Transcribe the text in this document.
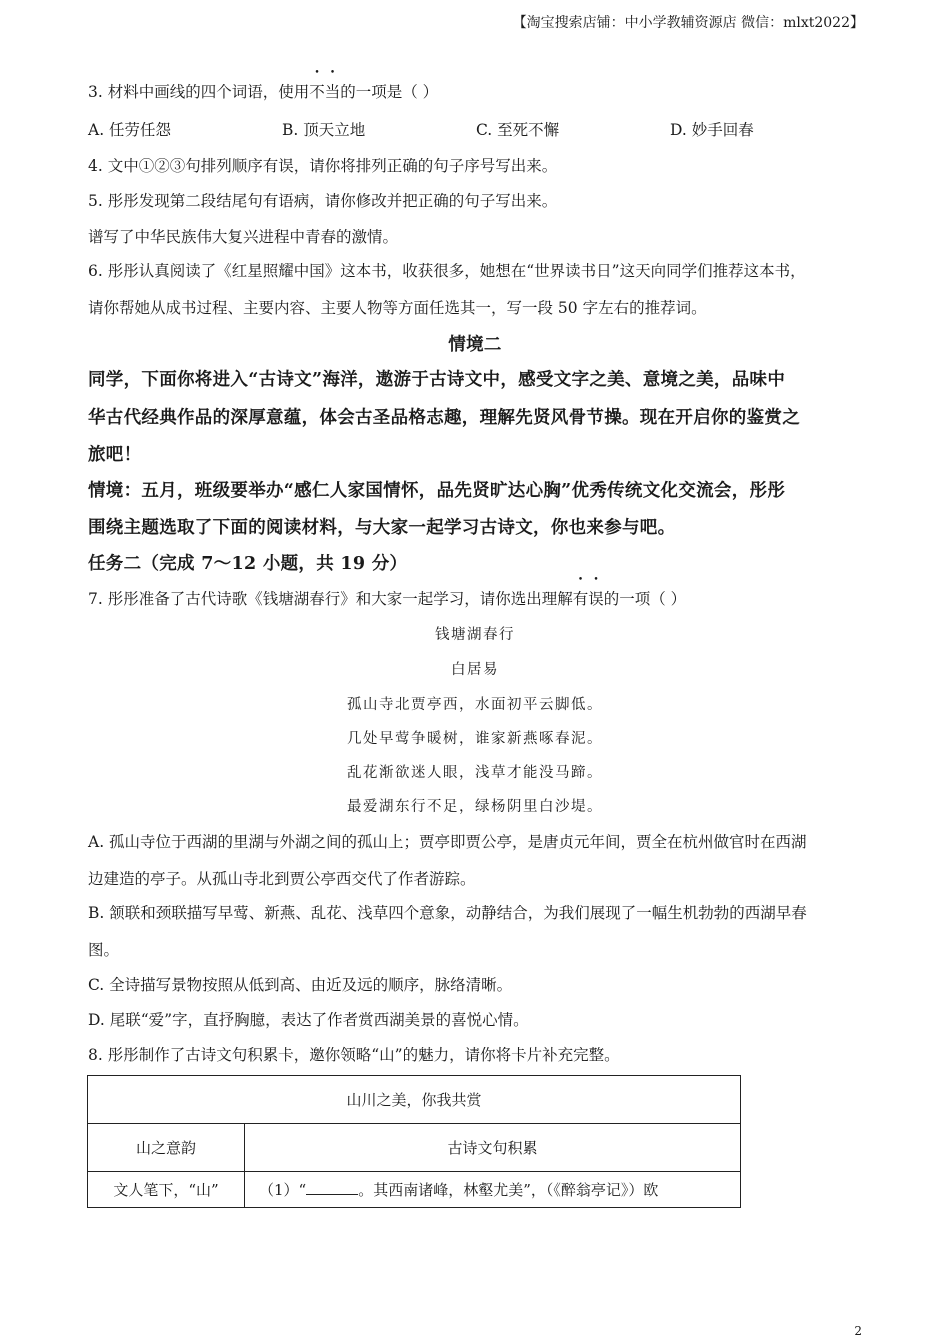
【淘宝搜索店铺：中小学教辅资源店 微信：mlxt2022】
3. 材料中画线的四个词语，使用不当的一项是（ ）
A. 任劳任怨	B. 顶天立地	C. 至死不懈	D. 妙手回春
4. 文中①②③句排列顺序有误，请你将排列正确的句子序号写出来。
5. 彤彤发现第二段结尾句有语病，请你修改并把正确的句子写出来。
谱写了中华民族伟大复兴进程中青春的激情。
6. 彤彤认真阅读了《红星照耀中国》这本书，收获很多，她想在“世界读书日”这天向同学们推荐这本书，
请你帮她从成书过程、主要内容、主要人物等方面任选其一，写一段 50 字左右的推荐词。
情境二
同学，下面你将进入“古诗文”海洋，遨游于古诗文中，感受文字之美、意境之美，品味中
华古代经典作品的深厚意蕴，体会古圣品格志趣，理解先贤风骨节操。现在开启你的鉴赏之
旅吧！
情境：五月，班级要举办“感仁人家国情怀，品先贤旷达心胸”优秀传统文化交流会，彤彤
围绕主题选取了下面的阅读材料，与大家一起学习古诗文，你也来参与吧。
任务二（完成 7～12 小题，共 19 分）
7. 彤彤准备了古代诗歌《钱塘湖春行》和大家一起学习，请你选出理解有误的一项（ ）
钱塘湖春行
白居易
孤山寺北贾亭西，水面初平云脚低。
几处早莺争暖树，谁家新燕啄春泥。
乱花渐欲迷人眼，浅草才能没马蹄。
最爱湖东行不足，绿杨阴里白沙堤。
A. 孤山寺位于西湖的里湖与外湖之间的孤山上；贾亭即贾公亭，是唐贞元年间，贾全在杭州做官时在西湖
边建造的亭子。从孤山寺北到贾公亭西交代了作者游踪。
B. 颔联和颈联描写早莺、新燕、乱花、浅草四个意象，动静结合，为我们展现了一幅生机勃勃的西湖早春
图。
C. 全诗描写景物按照从低到高、由近及远的顺序，脉络清晰。
D. 尾联“爱”字，直抒胸臆，表达了作者赏西湖美景的喜悦心情。
8. 彤彤制作了古诗文句积累卡，邀你领略“山”的魅力，请你将卡片补充完整。
山川之美，你我共赏	
山之意韵	古诗文句积累
文人笔下，“山”	（1）“ 。其西南诸峰，林壑尤美”，（《醉翁亭记》）欧
2
